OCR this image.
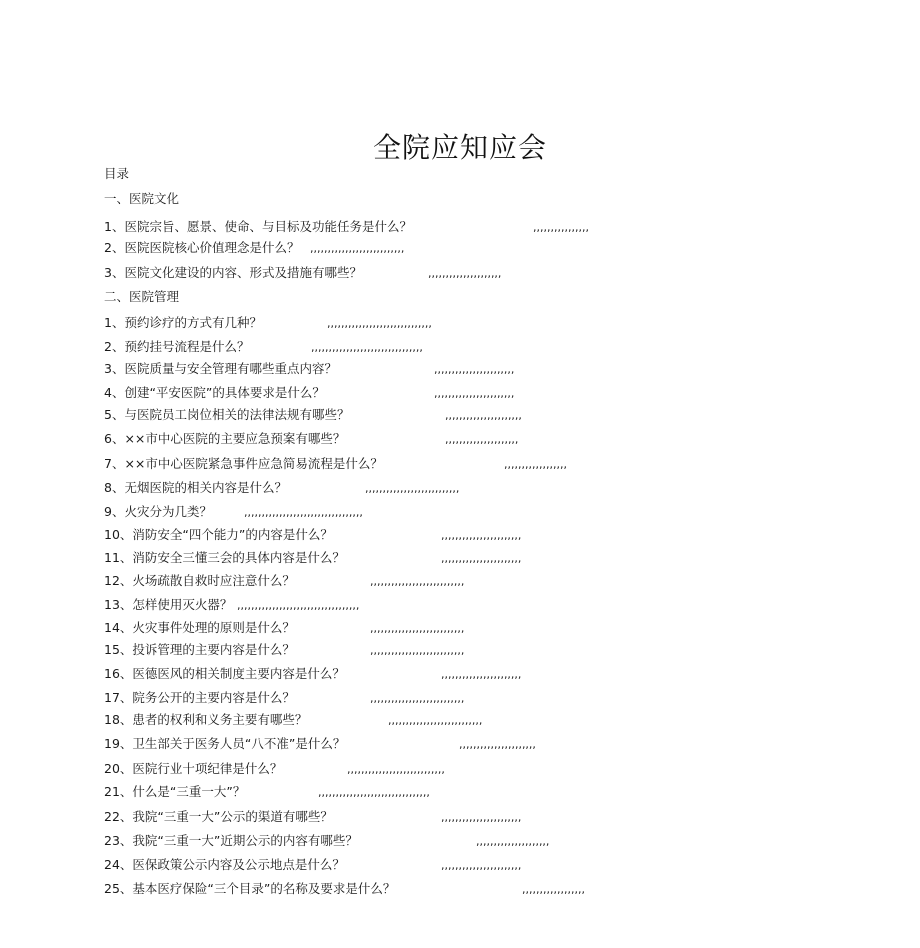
全院应知应会
目录
一、医院文化
1、医院宗旨、愿景、使命、与目标及功能任务是什么？	,,,,,,,,,,,,,,,,
2、医院医院核心价值理念是什么？ ,,,,,,,,,,,,,,,,,,,,,,,,,,,
3、医院文化建设的内容、形式及措施有哪些？	,,,,,,,,,,,,,,,,,,,,,
二、医院管理
1、预约诊疗的方式有几种？	,,,,,,,,,,,,,,,,,,,,,,,,,,,,,,
2、预约挂号流程是什么？	,,,,,,,,,,,,,,,,,,,,,,,,,,,,,,,,
3、医院质量与安全管理有哪些重点内容？	,,,,,,,,,,,,,,,,,,,,,,,
4、创建“平安医院”的具体要求是什么？	,,,,,,,,,,,,,,,,,,,,,,,
5、与医院员工岗位相关的法律法规有哪些？	,,,,,,,,,,,,,,,,,,,,,,
6、××市中心医院的主要应急预案有哪些？	,,,,,,,,,,,,,,,,,,,,,
7、××市中心医院紧急事件应急简易流程是什么？	,,,,,,,,,,,,,,,,,,
8、无烟医院的相关内容是什么？	,,,,,,,,,,,,,,,,,,,,,,,,,,,
9、火灾分为几类？	,,,,,,,,,,,,,,,,,,,,,,,,,,,,,,,,,,
10、消防安全“四个能力”的内容是什么？	,,,,,,,,,,,,,,,,,,,,,,,
11、消防安全三懂三会的具体内容是什么？	,,,,,,,,,,,,,,,,,,,,,,,
12、火场疏散自救时应注意什么？	,,,,,,,,,,,,,,,,,,,,,,,,,,,
13、怎样使用灭火器？ ,,,,,,,,,,,,,,,,,,,,,,,,,,,,,,,,,,,
14、火灾事件处理的原则是什么？	,,,,,,,,,,,,,,,,,,,,,,,,,,,
15、投诉管理的主要内容是什么？	,,,,,,,,,,,,,,,,,,,,,,,,,,,
16、医德医风的相关制度主要内容是什么？	,,,,,,,,,,,,,,,,,,,,,,,
17、院务公开的主要内容是什么？	,,,,,,,,,,,,,,,,,,,,,,,,,,,
18、患者的权利和义务主要有哪些？	,,,,,,,,,,,,,,,,,,,,,,,,,,,
19、卫生部关于医务人员“八不准”是什么？	,,,,,,,,,,,,,,,,,,,,,,
20、医院行业十项纪律是什么？	,,,,,,,,,,,,,,,,,,,,,,,,,,,,
21、什么是“三重一大”？	,,,,,,,,,,,,,,,,,,,,,,,,,,,,,,,,
22、我院“三重一大”公示的渠道有哪些？	,,,,,,,,,,,,,,,,,,,,,,,
23、我院“三重一大”近期公示的内容有哪些？	,,,,,,,,,,,,,,,,,,,,,
24、医保政策公示内容及公示地点是什么？	,,,,,,,,,,,,,,,,,,,,,,,
25、基本医疗保险“三个目录”的名称及要求是什么？	,,,,,,,,,,,,,,,,,,
